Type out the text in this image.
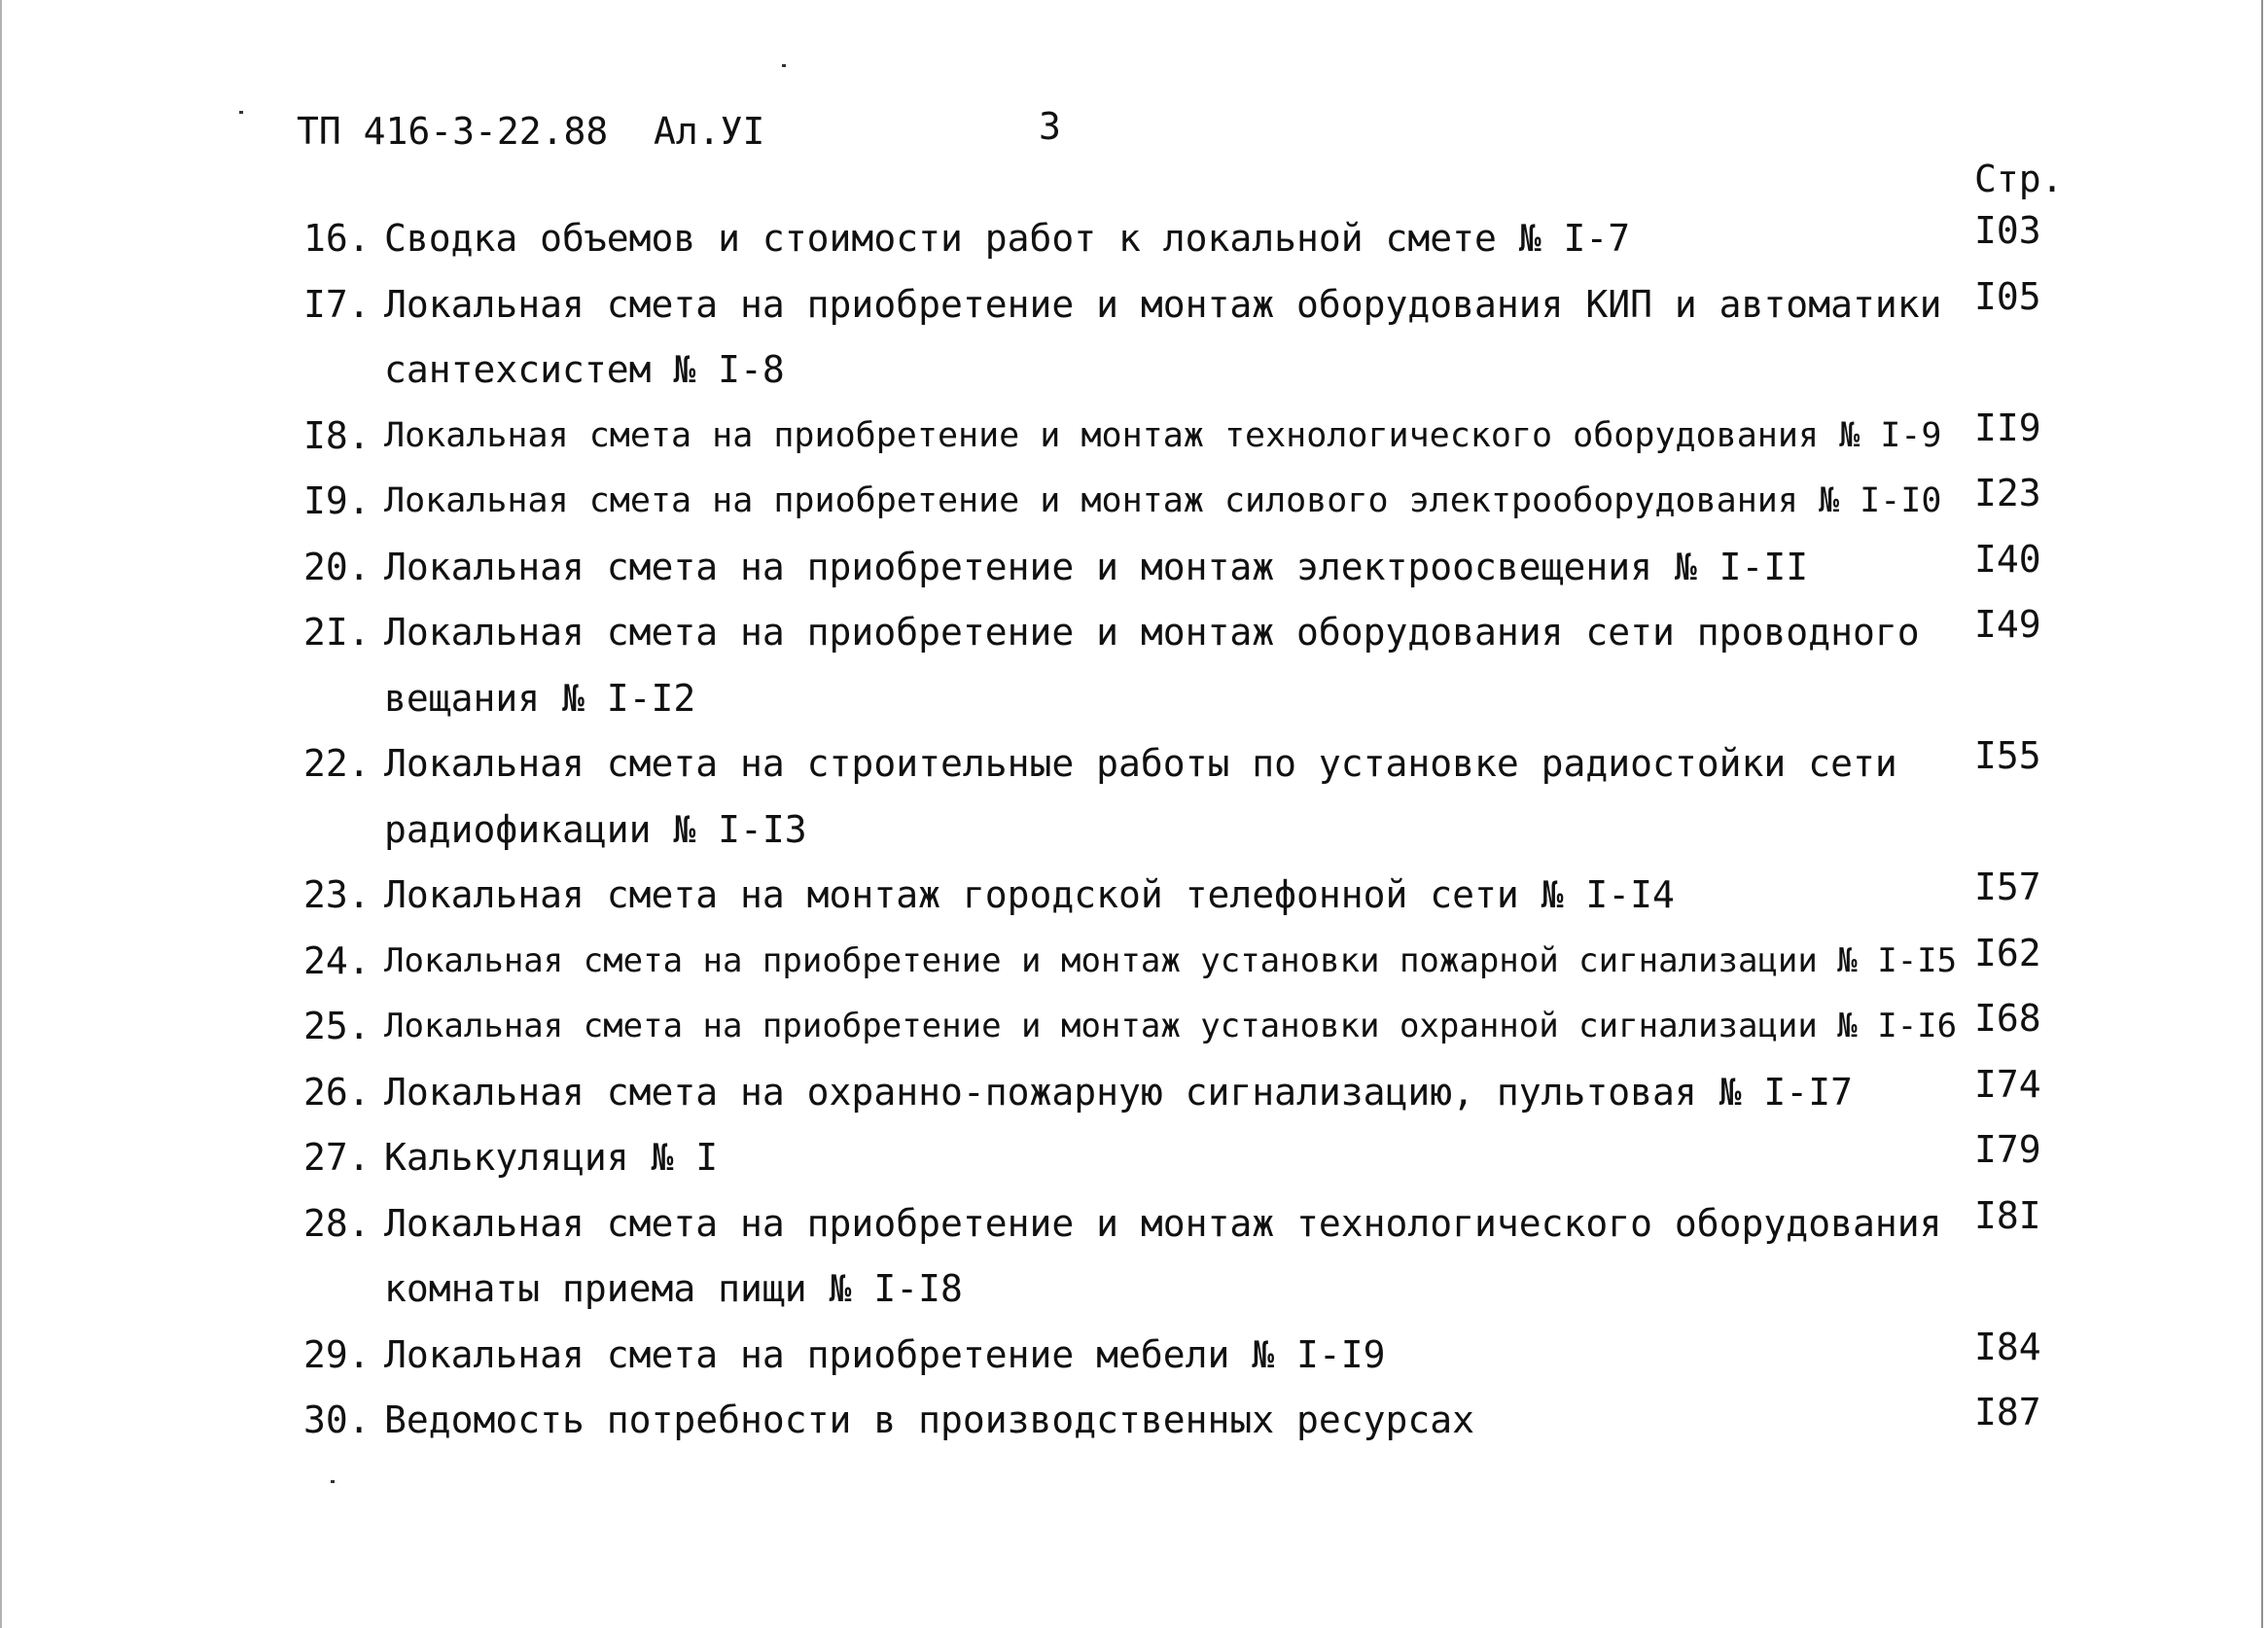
ТП 416-3-22.88 Ал.УI	3
Стр.
16. Сводка объемов и стоимости работ к локальной смете № I-7	I03
I7. Локальная смета на приобретение и монтаж оборудования КИП и автоматики I05
сантехсистем № I-8
I8. Локальная смета на приобретение и монтаж технологического оборудования № I-9 II9
I9. Локальная смета на приобретение и монтаж силового электрооборудования № I-I0 I23
20. Локальная смета на приобретение и монтаж электроосвещения № I-II	I40
2I. Локальная смета на приобретение и монтаж оборудования сети проводного I49
вещания № I-I2
22. Локальная смета на строительные работы по установке радиостойки сети I55
радиофикации № I-I3
23. Локальная смета на монтаж городской телефонной сети № I-I4	I57
24. Локальная смета на приобретение и монтаж установки пожарной сигнализации № I-I5 I62
25. Локальная смета на приобретение и монтаж установки охранной сигнализации № I-I6 I68
26. Локальная смета на охранно-пожарную сигнализацию, пультовая № I-I7	I74
27. Калькуляция № I	I79
28. Локальная смета на приобретение и монтаж технологического оборудования I8I
комнаты приема пищи № I-I8
29. Локальная смета на приобретение мебели № I-I9	I84
30. Ведомость потребности в производственных ресурсах	I87
